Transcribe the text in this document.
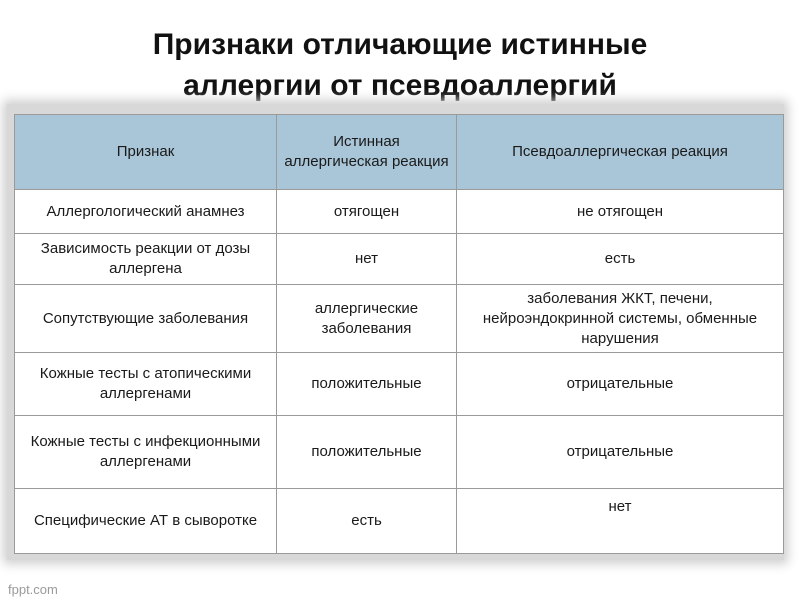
Признаки отличающие истинные
аллергии от псевдоаллергий
Признак	Истинная аллергическая реакция	Псевдоаллергическая реакция
Аллергологический анамнез	отягощен	не отягощен
Зависимость реакции от дозы аллергена	нет	есть
Сопутствующие заболевания	аллергические заболевания	заболевания ЖКТ, печени, нейроэндокринной системы, обменные нарушения
Кожные тесты с атопическими аллергенами	положительные	отрицательные
Кожные тесты с инфекционными аллергенами	положительные	отрицательные
Специфические АТ в сыворотке	есть	нет
fppt.com
